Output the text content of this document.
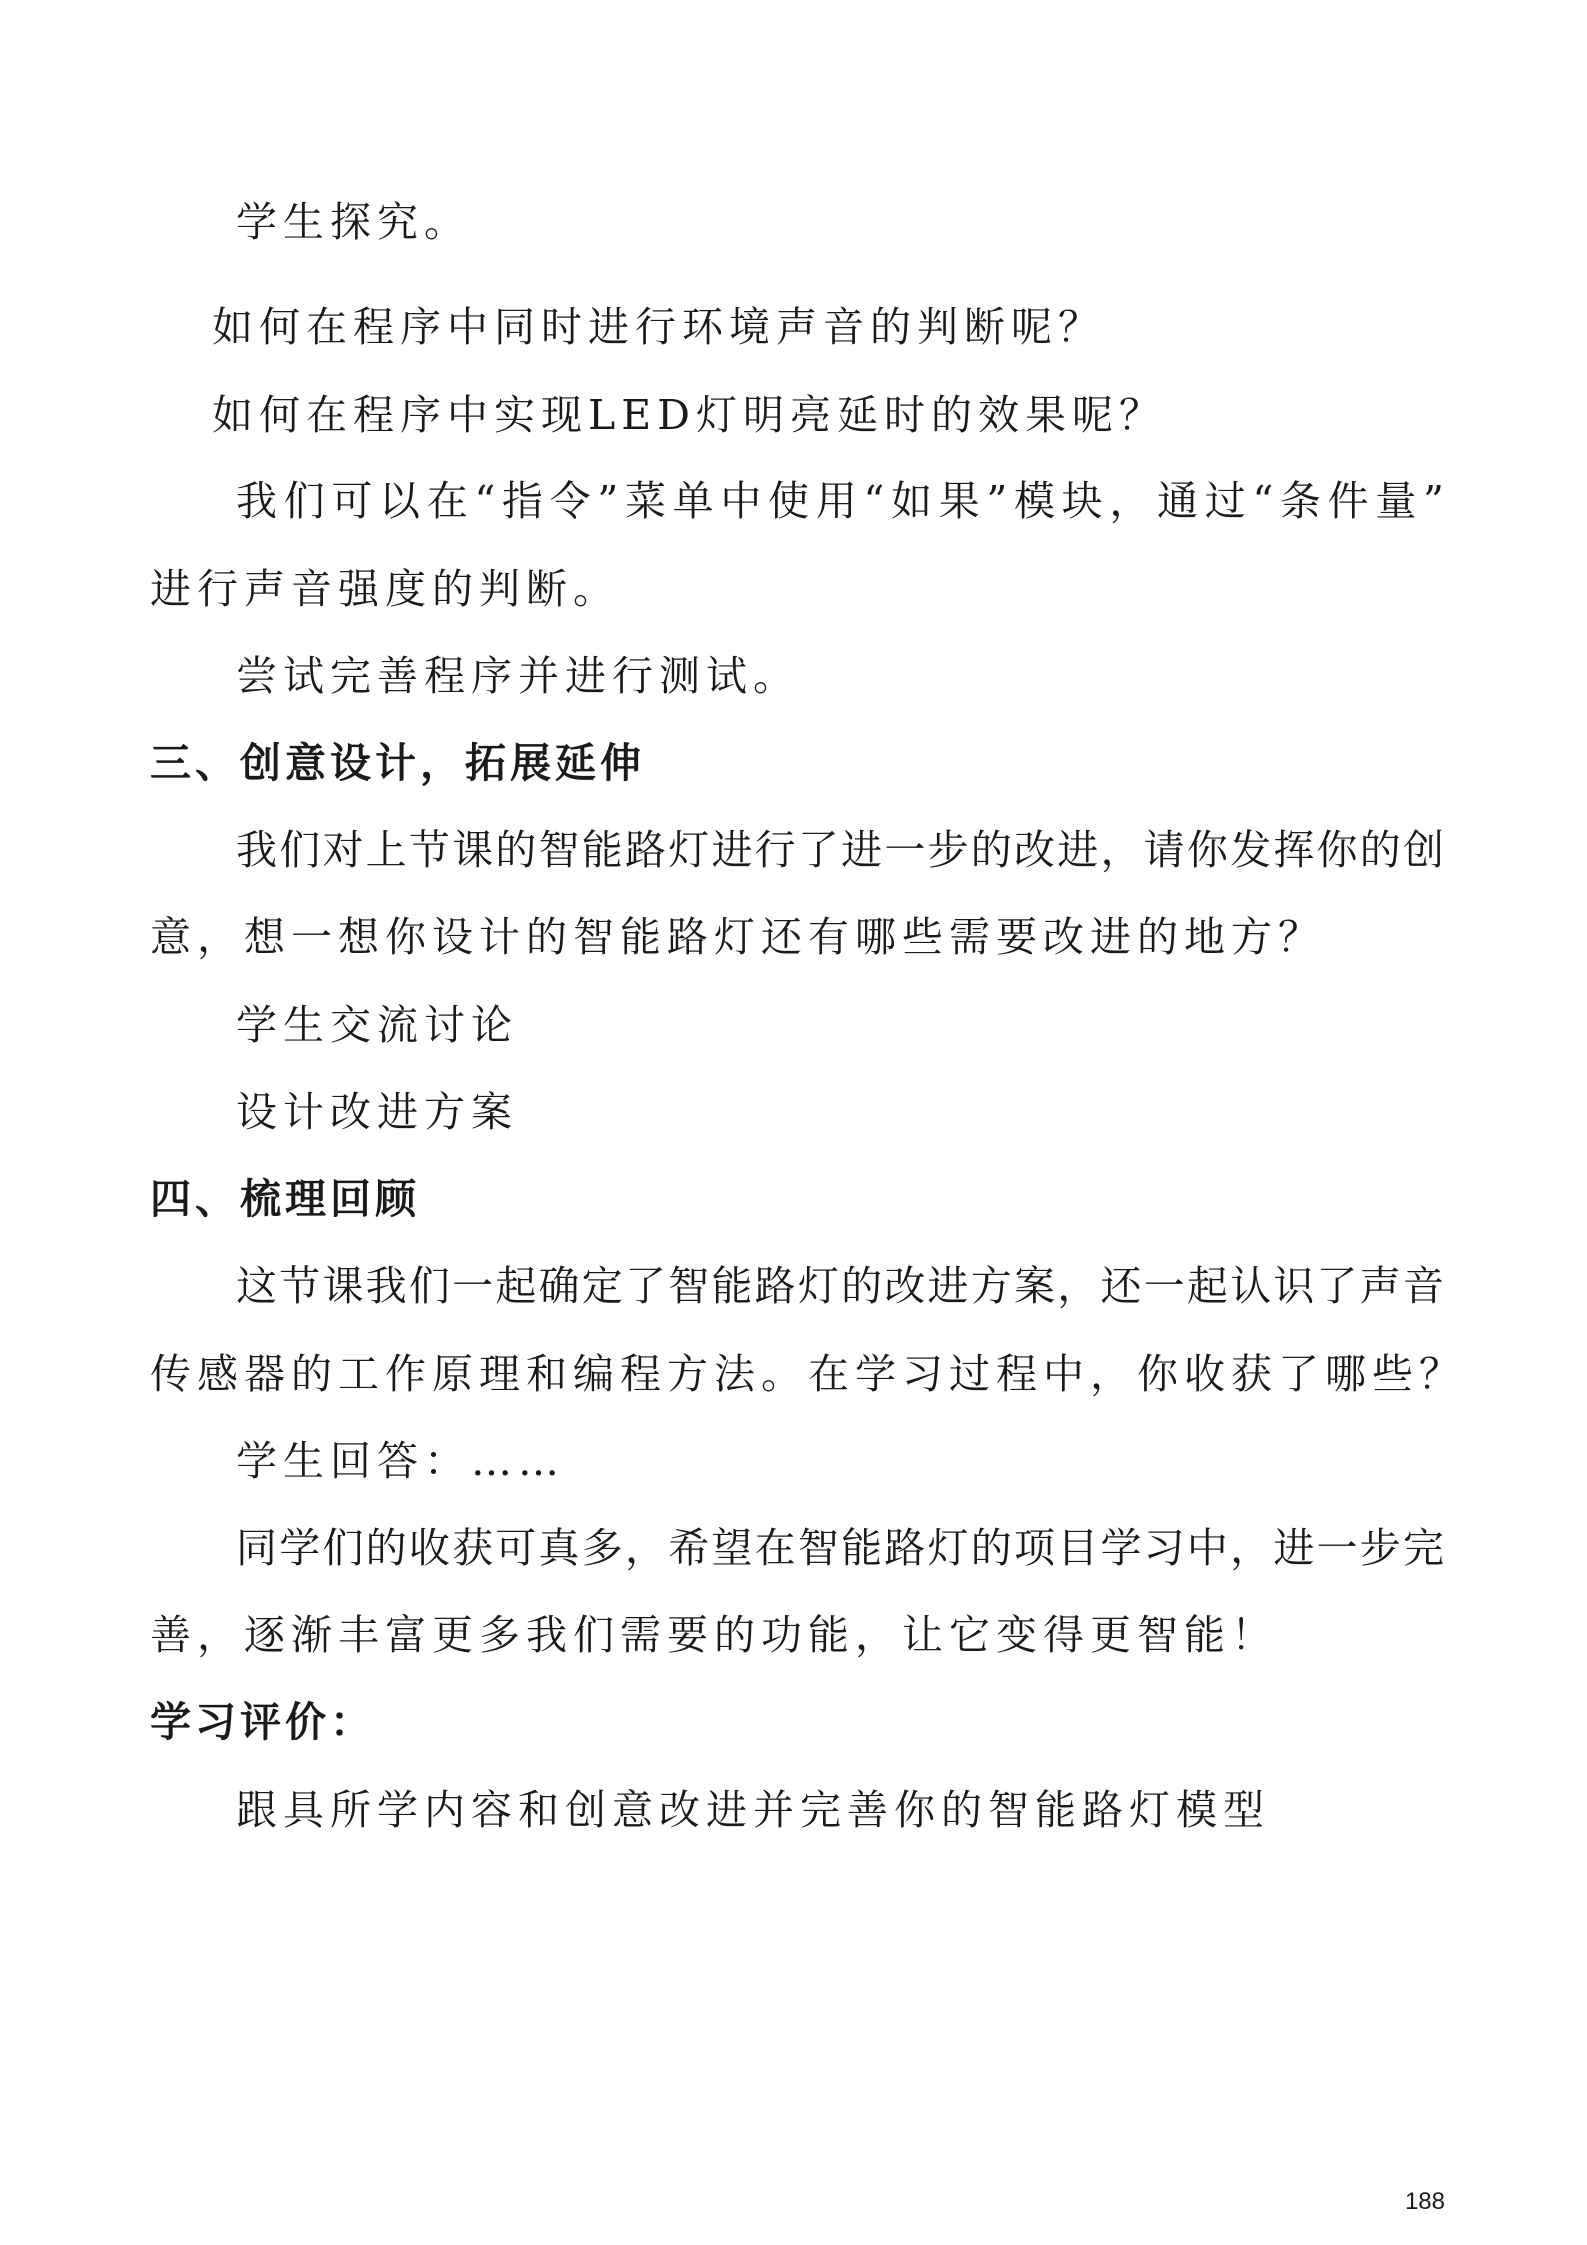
学生探究。
如何在程序中同时进行环境声音的判断呢？
如何在程序中实现LED灯明亮延时的效果呢？
我们可以在“指令”菜单中使用“如果”模块，通过“条件量”
进行声音强度的判断。
尝试完善程序并进行测试。
三、创意设计，拓展延伸
我们对上节课的智能路灯进行了进一步的改进，请你发挥你的创
意，想一想你设计的智能路灯还有哪些需要改进的地方？
学生交流讨论
设计改进方案
四、梳理回顾
这节课我们一起确定了智能路灯的改进方案，还一起认识了声音
传感器的工作原理和编程方法。在学习过程中，你收获了哪些？
学生回答：……
同学们的收获可真多，希望在智能路灯的项目学习中，进一步完
善，逐渐丰富更多我们需要的功能，让它变得更智能！
学习评价：
跟具所学内容和创意改进并完善你的智能路灯模型
188
